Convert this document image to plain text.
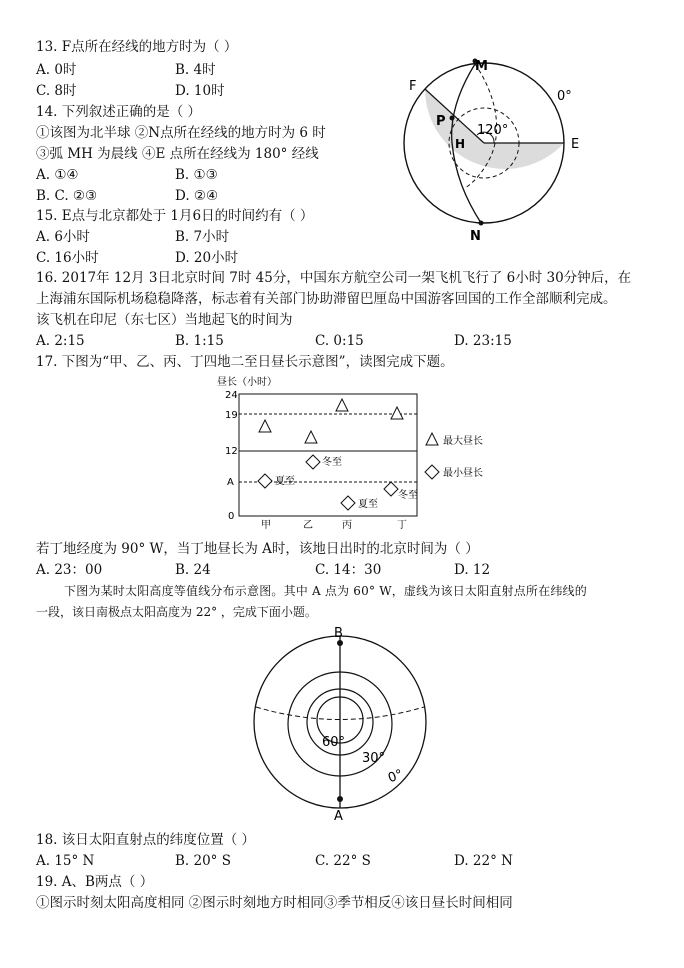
13. F点所在经线的地方时为（ ）
A. 0时	B. 4时
C. 8时	D. 10时
14. 下列叙述正确的是（ ）
①该图为北半球 ②N点所在经线的地方时为 6 时
③弧 MH 为晨线 ④E 点所在经线为 180° 经线
A. ①④	B. ①③
B. C. ②③	D. ②④
15. E点与北京都处于 1月6日的时间约有（ ）
A. 6小时	B. 7小时
C. 16小时	D. 20小时
M
F
0°
P
H
120°
E
N
16. 2017年 12月 3日北京时间 7时 45分，中国东方航空公司一架飞机飞行了 6小时 30分钟后，在
上海浦东国际机场稳稳降落，标志着有关部门协助滞留巴厘岛中国游客回国的工作全部顺利完成。
该飞机在印尼（东七区）当地起飞的时间为
A. 2:15	B. 1:15	C. 0:15	D. 23:15
17. 下图为“甲、乙、丙、丁四地二至日昼长示意图”，读图完成下题。
昼长（小时）
24
19
12
A
0
冬至
夏至
夏至
冬至
甲	乙	丙	丁
最大昼长
最小昼长
若丁地经度为 90° W，当丁地昼长为 A时，该地日出时的北京时间为（ ）
A. 23：00	B. 24	C. 14：30	D. 12
下图为某时太阳高度等值线分布示意图。其中 A 点为 60° W，虚线为该日太阳直射点所在纬线的
一段，该日南极点太阳高度为 22° ，完成下面小题。
B
A
60°
30°
0°
18. 该日太阳直射点的纬度位置（ ）
A. 15° N	B. 20° S	C. 22° S	D. 22° N
19. A、B两点（ ）
①图示时刻太阳高度相同 ②图示时刻地方时相同③季节相反④该日昼长时间相同
